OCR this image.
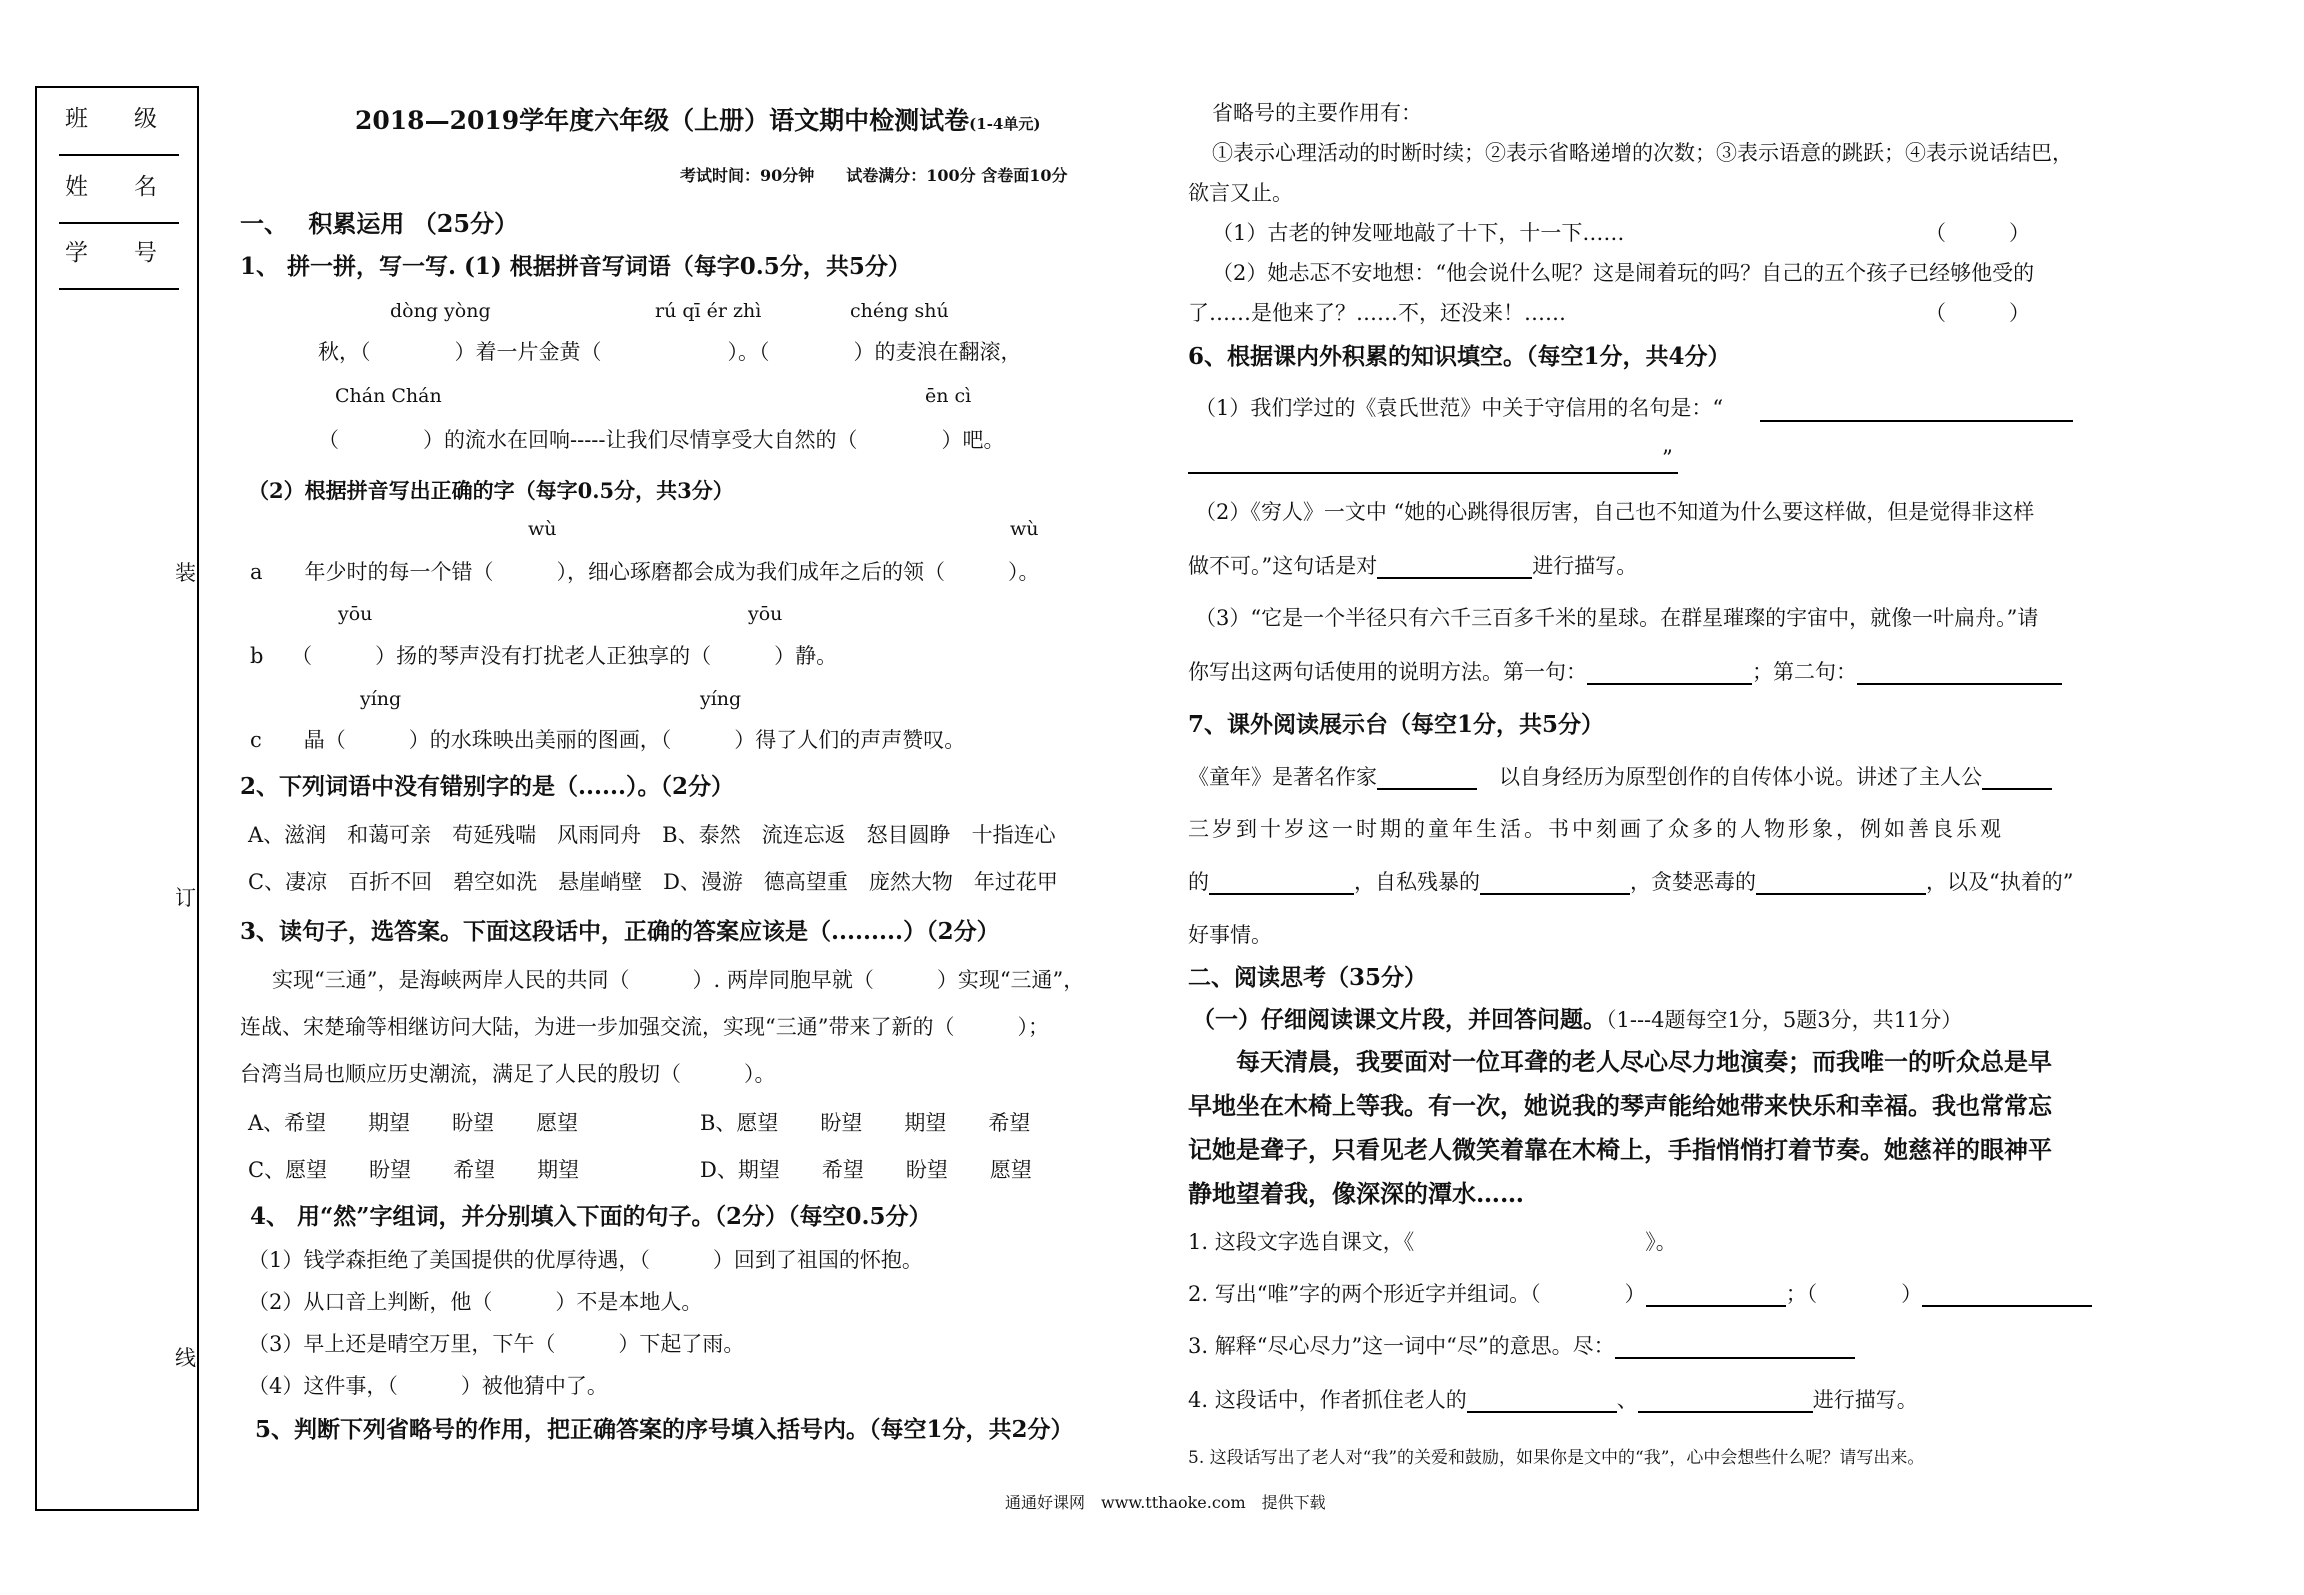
班　　级
姓　　名
学　　号
装
订
线
2018—2019学年度六年级（上册）语文期中检测试卷(1-4单元)
考试时间：90分钟　　试卷满分：100分 含卷面10分
一、　 积累运用 （25分）
1、 拼一拼，写一写. (1) 根据拼音写词语（每字0.5分，共5分）
dòng yòng	rú qī ér zhì	chéng shú
秋，（　　　　）着一片金黄（　　　　　　）。（　　　　）的麦浪在翻滚，
Chán Chán	ēn cì
（　　　　）的流水在回响-----让我们尽情享受大自然的（　　　　）吧。
（2）根据拼音写出正确的字（每字0.5分，共3分）
wù	wù
a　　年少时的每一个错（　　　），细心琢磨都会成为我们成年之后的领（　　　）。
yōu	yōu
b　 （　　　）扬的琴声没有打扰老人正独享的（　　　）静。
yíng	yíng
c　　晶（　　　）的水珠映出美丽的图画，（　　　）得了人们的声声赞叹。
2、下列词语中没有错别字的是（......）。（2分）
A、滋润　和蔼可亲　苟延残喘　风雨同舟　B、泰然　流连忘返　怒目圆睁　十指连心
C、凄凉　百折不回　碧空如洗　悬崖峭壁　D、漫游　德高望重　庞然大物　年过花甲
3、读句子，选答案。下面这段话中，正确的答案应该是（.........）（2分）
实现“三通”，是海峡两岸人民的共同（　　　）. 两岸同胞早就（　　　）实现“三通”，
连战、宋楚瑜等相继访问大陆，为进一步加强交流，实现“三通”带来了新的（　　　）；
台湾当局也顺应历史潮流，满足了人民的殷切（　　　）。
A、希望　　期望　　盼望　　愿望	B、愿望　　盼望　　期望　　希望
C、愿望　　盼望　　希望　　期望	D、期望　　希望　　盼望　　愿望
4、 用“然”字组词，并分别填入下面的句子。（2分）（每空0.5分）
（1）钱学森拒绝了美国提供的优厚待遇，（　　　）回到了祖国的怀抱。
（2）从口音上判断，他（　　　）不是本地人。
（3）早上还是晴空万里，下午（　　　）下起了雨。
（4）这件事，（　　　）被他猜中了。
5、判断下列省略号的作用，把正确答案的序号填入括号内。（每空1分，共2分）
省略号的主要作用有：
①表示心理活动的时断时续；②表示省略递增的次数；③表示语意的跳跃；④表示说话结巴，
欲言又止。
（1）古老的钟发哑地敲了十下，十一下……	（　　　）
（2）她忐忑不安地想：“他会说什么呢？这是闹着玩的吗？自己的五个孩子已经够他受的
了……是他来了？……不，还没来！……	（　　　）
6、根据课内外积累的知识填空。（每空1分，共4分）
（1）我们学过的《袁氏世范》中关于守信用的名句是：“
”
（2）《穷人》一文中 “她的心跳得很厉害，自己也不知道为什么要这样做，但是觉得非这样
做不可。”这句话是对	进行描写。
（3）“它是一个半径只有六千三百多千米的星球。在群星璀璨的宇宙中，就像一叶扁舟。”请
你写出这两句话使用的说明方法。第一句：	；第二句：
7、课外阅读展示台（每空1分，共5分）
《童年》是著名作家	以自身经历为原型创作的自传体小说。讲述了主人公
三岁到十岁这一时期的童年生活。书中刻画了众多的人物形象，例如善良乐观
的	，自私残暴的	，贪婪恶毒的	，以及“执着的”
好事情。
二、阅读思考（35分）
（一）仔细阅读课文片段，并回答问题。（1---4题每空1分，5题3分，共11分）
　　每天清晨，我要面对一位耳聋的老人尽心尽力地演奏；而我唯一的听众总是早
早地坐在木椅上等我。有一次，她说我的琴声能给她带来快乐和幸福。我也常常忘
记她是聋子，只看见老人微笑着靠在木椅上，手指悄悄打着节奏。她慈祥的眼神平
静地望着我，像深深的潭水……
1. 这段文字选自课文，《　　　　　　　　　　　》。
2. 写出“唯”字的两个形近字并组词。（　　　　）	；（　　　　）
3. 解释“尽心尽力”这一词中“尽”的意思。尽：
4. 这段话中，作者抓住老人的	、	进行描写。
5. 这段话写出了老人对“我”的关爱和鼓励，如果你是文中的“我”，心中会想些什么呢？请写出来。
通通好课网　www.tthaoke.com　提供下载
